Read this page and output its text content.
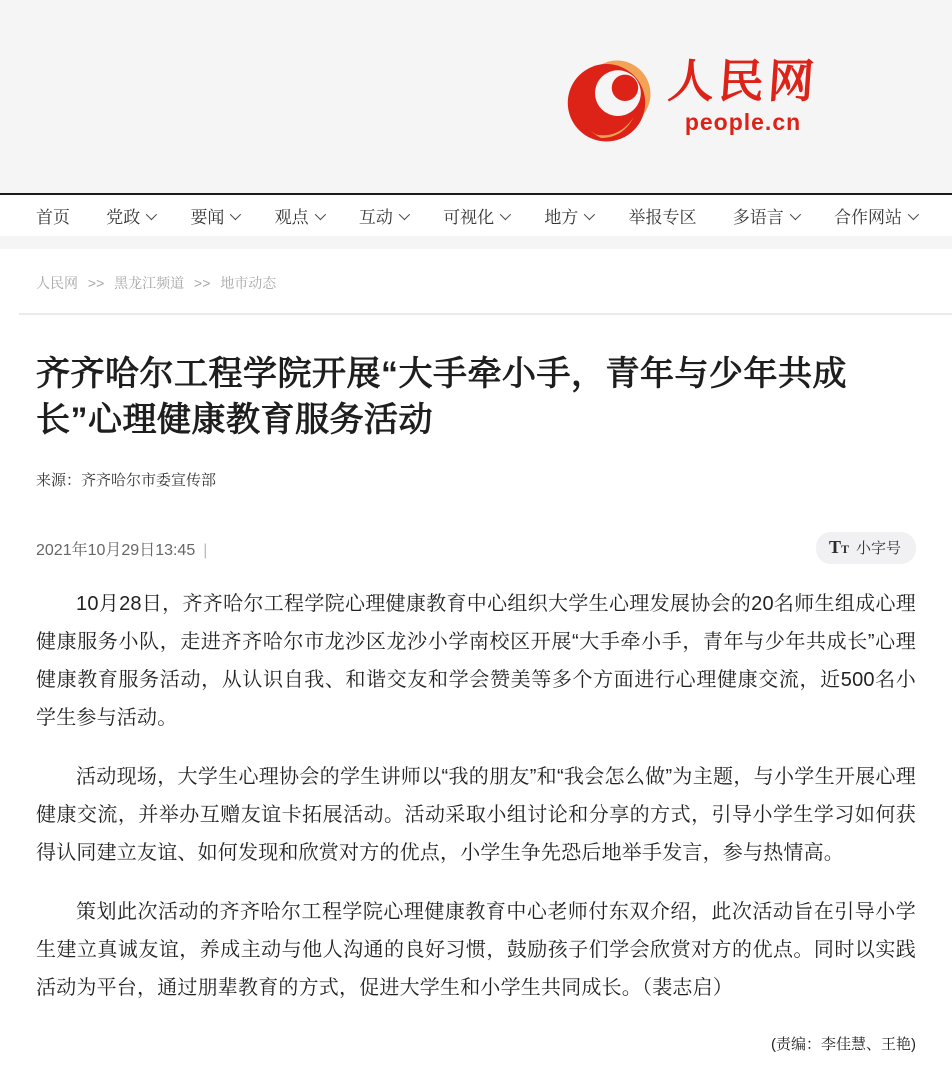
人民网
people.cn
首页 党政	要闻	观点	互动	可视化	地方	举报专区 多语言	合作网站
人民网 >> 黑龙江频道 >> 地市动态
齐齐哈尔工程学院开展“大手牵小手，青年与少年共成长”心理健康教育服务活动
来源：齐齐哈尔市委宣传部
2021年10月29日13:45 |	TT 小字号

10月28日，齐齐哈尔工程学院心理健康教育中心组织大学生心理发展协会的20名师生组成心理健康服务小队，走进齐齐哈尔市龙沙区龙沙小学南校区开展“大手牵小手，青年与少年共成长”心理健康教育服务活动，从认识自我、和谐交友和学会赞美等多个方面进行心理健康交流，近500名小学生参与活动。

活动现场，大学生心理协会的学生讲师以“我的朋友”和“我会怎么做”为主题，与小学生开展心理健康交流，并举办互赠友谊卡拓展活动。活动采取小组讨论和分享的方式，引导小学生学习如何获得认同建立友谊、如何发现和欣赏对方的优点，小学生争先恐后地举手发言，参与热情高。

策划此次活动的齐齐哈尔工程学院心理健康教育中心老师付东双介绍，此次活动旨在引导小学生建立真诚友谊，养成主动与他人沟通的良好习惯，鼓励孩子们学会欣赏对方的优点。同时以实践活动为平台，通过朋辈教育的方式，促进大学生和小学生共同成长。（裴志启）

(责编：李佳慧、王艳)
